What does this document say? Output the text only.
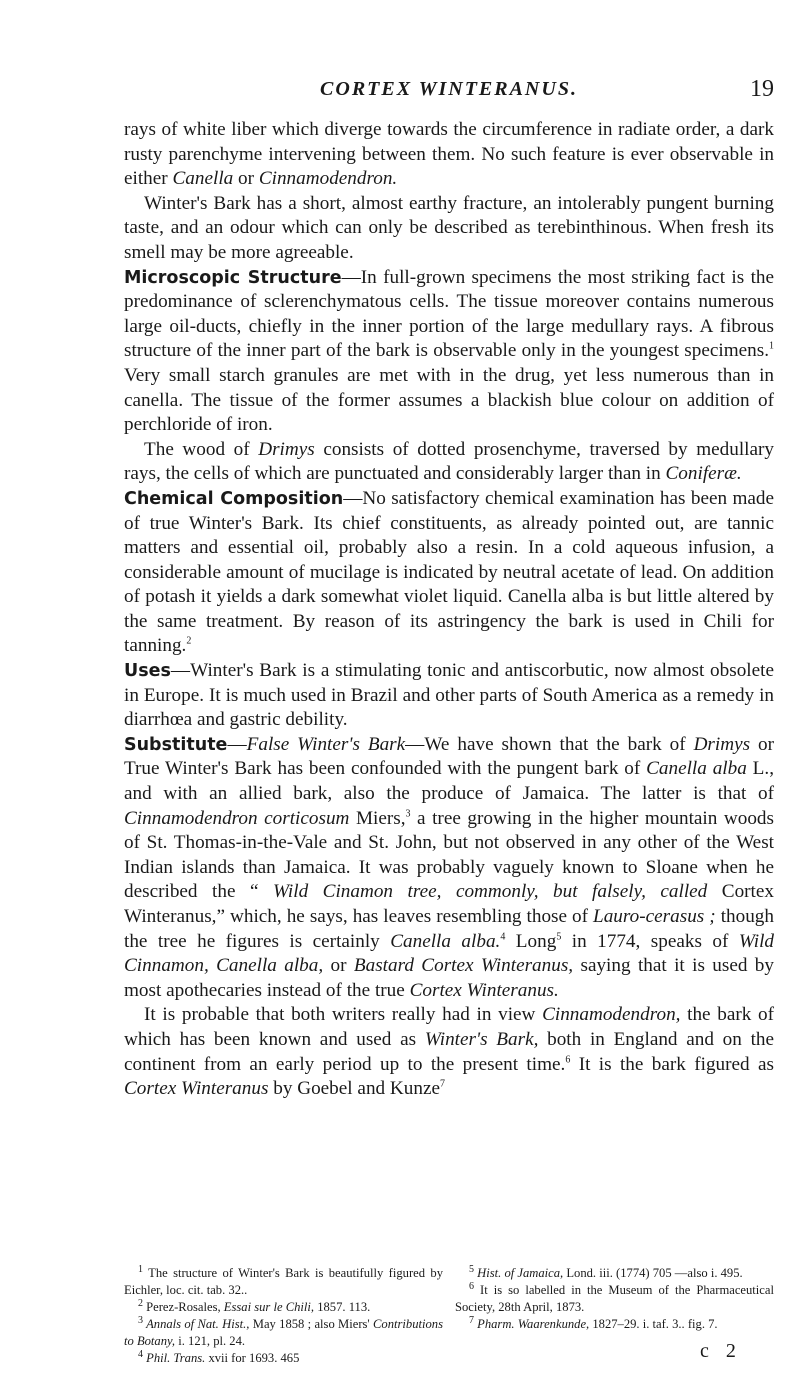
CORTEX WINTERANUS.	19

rays of white liber which diverge towards the circumference in radiate order, a dark rusty parenchyme intervening between them. No such feature is ever observable in either Canella or Cinnamodendron.

Winter's Bark has a short, almost earthy fracture, an intolerably pungent burning taste, and an odour which can only be described as terebinthinous. When fresh its smell may be more agreeable.

Microscopic Structure—In full-grown specimens the most striking fact is the predominance of sclerenchymatous cells. The tissue moreover contains numerous large oil-ducts, chiefly in the inner portion of the large medullary rays. A fibrous structure of the inner part of the bark is observable only in the youngest specimens.$^1$ Very small starch granules are met with in the drug, yet less numerous than in canella. The tissue of the former assumes a blackish blue colour on addition of perchloride of iron.

The wood of Drimys consists of dotted prosenchyme, traversed by medullary rays, the cells of which are punctuated and considerably larger than in Coniferæ.

Chemical Composition—No satisfactory chemical examination has been made of true Winter's Bark. Its chief constituents, as already pointed out, are tannic matters and essential oil, probably also a resin. In a cold aqueous infusion, a considerable amount of mucilage is indicated by neutral acetate of lead. On addition of potash it yields a dark somewhat violet liquid. Canella alba is but little altered by the same treatment. By reason of its astringency the bark is used in Chili for tanning.$^2$

Uses—Winter's Bark is a stimulating tonic and antiscorbutic, now almost obsolete in Europe. It is much used in Brazil and other parts of South America as a remedy in diarrhœa and gastric debility.

Substitute—False Winter's Bark—We have shown that the bark of Drimys or True Winter's Bark has been confounded with the pungent bark of Canella alba L., and with an allied bark, also the produce of Jamaica. The latter is that of Cinnamodendron corticosum Miers,$^3$ a tree growing in the higher mountain woods of St. Thomas-in-the-Vale and St. John, but not observed in any other of the West Indian islands than Jamaica. It was probably vaguely known to Sloane when he described the “ Wild Cinamon tree, commonly, but falsely, called Cortex Winteranus,” which, he says, has leaves resembling those of Lauro-cerasus ; though the tree he figures is certainly Canella alba.$^4$ Long$^5$ in 1774, speaks of Wild Cinnamon, Canella alba, or Bastard Cortex Winteranus, saying that it is used by most apothecaries instead of the true Cortex Winteranus.

It is probable that both writers really had in view Cinnamodendron, the bark of which has been known and used as Winter's Bark, both in England and on the continent from an early period up to the present time.$^6$ It is the bark figured as Cortex Winteranus by Goebel and Kunze$^7$

$^1$ The structure of Winter's Bark is beautifully figured by Eichler, loc. cit. tab. 32..

$^2$ Perez-Rosales, Essai sur le Chili, 1857. 113.

$^3$ Annals of Nat. Hist., May 1858 ; also Miers' Contributions to Botany, i. 121, pl. 24.

$^4$ Phil. Trans. xvii for 1693. 465

$^5$ Hist. of Jamaica, Lond. iii. (1774) 705 —also i. 495.

$^6$ It is so labelled in the Museum of the Pharmaceutical Society, 28th April, 1873.

$^7$ Pharm. Waarenkunde, 1827–29. i. taf. 3.. fig. 7.

c 2
